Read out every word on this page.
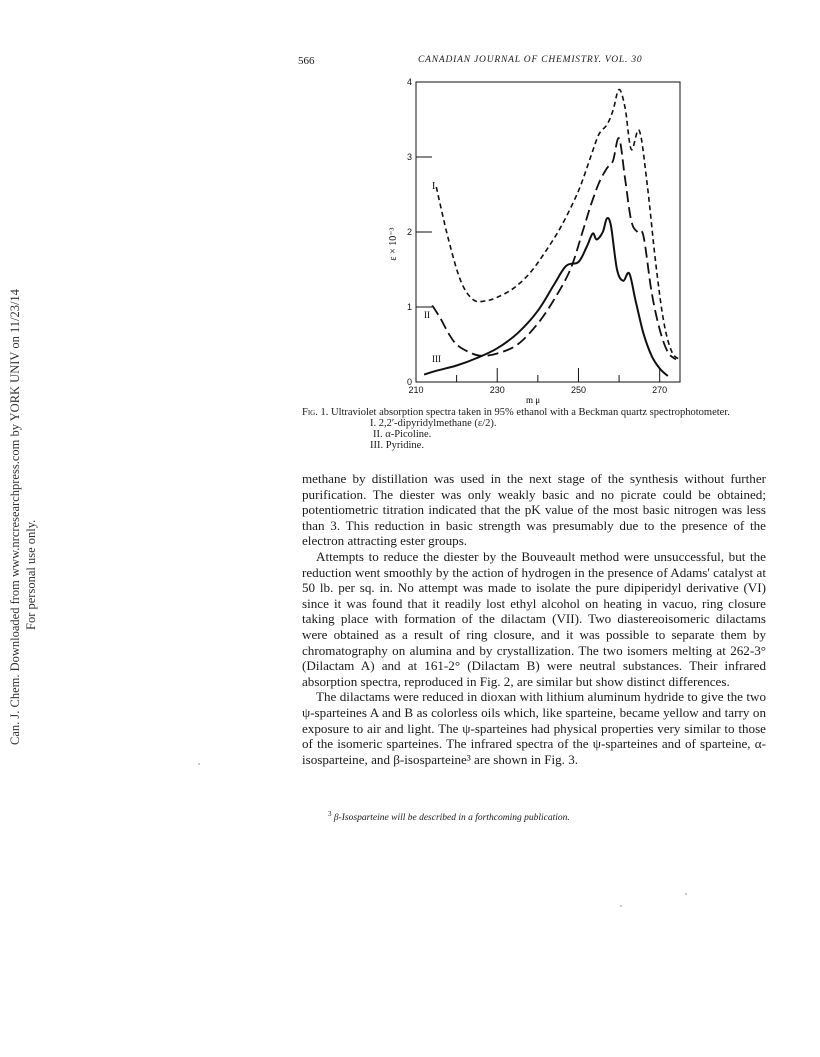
Can. J. Chem. Downloaded from www.nrcresearchpress.com by YORK UNIV on 11/23/14 For personal use only.
566	CANADIAN JOURNAL OF CHEMISTRY. VOL. 30
0
1
2
3
4
210	230	250	270
ε × 10⁻³
m μ
I
II
III
Fig. 1. Ultraviolet absorption spectra taken in 95% ethanol with a Beckman quartz spectrophotometer.
I. 2,2′-dipyridylmethane (ε/2).
II. α-Picoline.
III. Pyridine.

methane by distillation was used in the next stage of the synthesis without further purification. The diester was only weakly basic and no picrate could be obtained; potentiometric titration indicated that the pK value of the most basic nitrogen was less than 3. This reduction in basic strength was presumably due to the presence of the electron attracting ester groups.

Attempts to reduce the diester by the Bouveault method were unsuccessful, but the reduction went smoothly by the action of hydrogen in the presence of Adams' catalyst at 50 lb. per sq. in. No attempt was made to isolate the pure dipiperidyl derivative (VI) since it was found that it readily lost ethyl alcohol on heating in vacuo, ring closure taking place with formation of the dilactam (VII). Two diastereoisomeric dilactams were obtained as a result of ring closure, and it was possible to separate them by chromatography on alumina and by crystallization. The two isomers melting at 262-3° (Dilactam A) and at 161-2° (Dilactam B) were neutral substances. Their infrared absorption spectra, reproduced in Fig. 2, are similar but show distinct differences.

The dilactams were reduced in dioxan with lithium aluminum hydride to give the two ψ-sparteines A and B as colorless oils which, like sparteine, became yellow and tarry on exposure to air and light. The ψ-sparteines had physical properties very similar to those of the isomeric sparteines. The infrared spectra of the ψ-sparteines and of sparteine, α-isosparteine, and β-isosparteine³ are shown in Fig. 3.

$^3$ β-Isosparteine will be described in a forthcoming publication.
